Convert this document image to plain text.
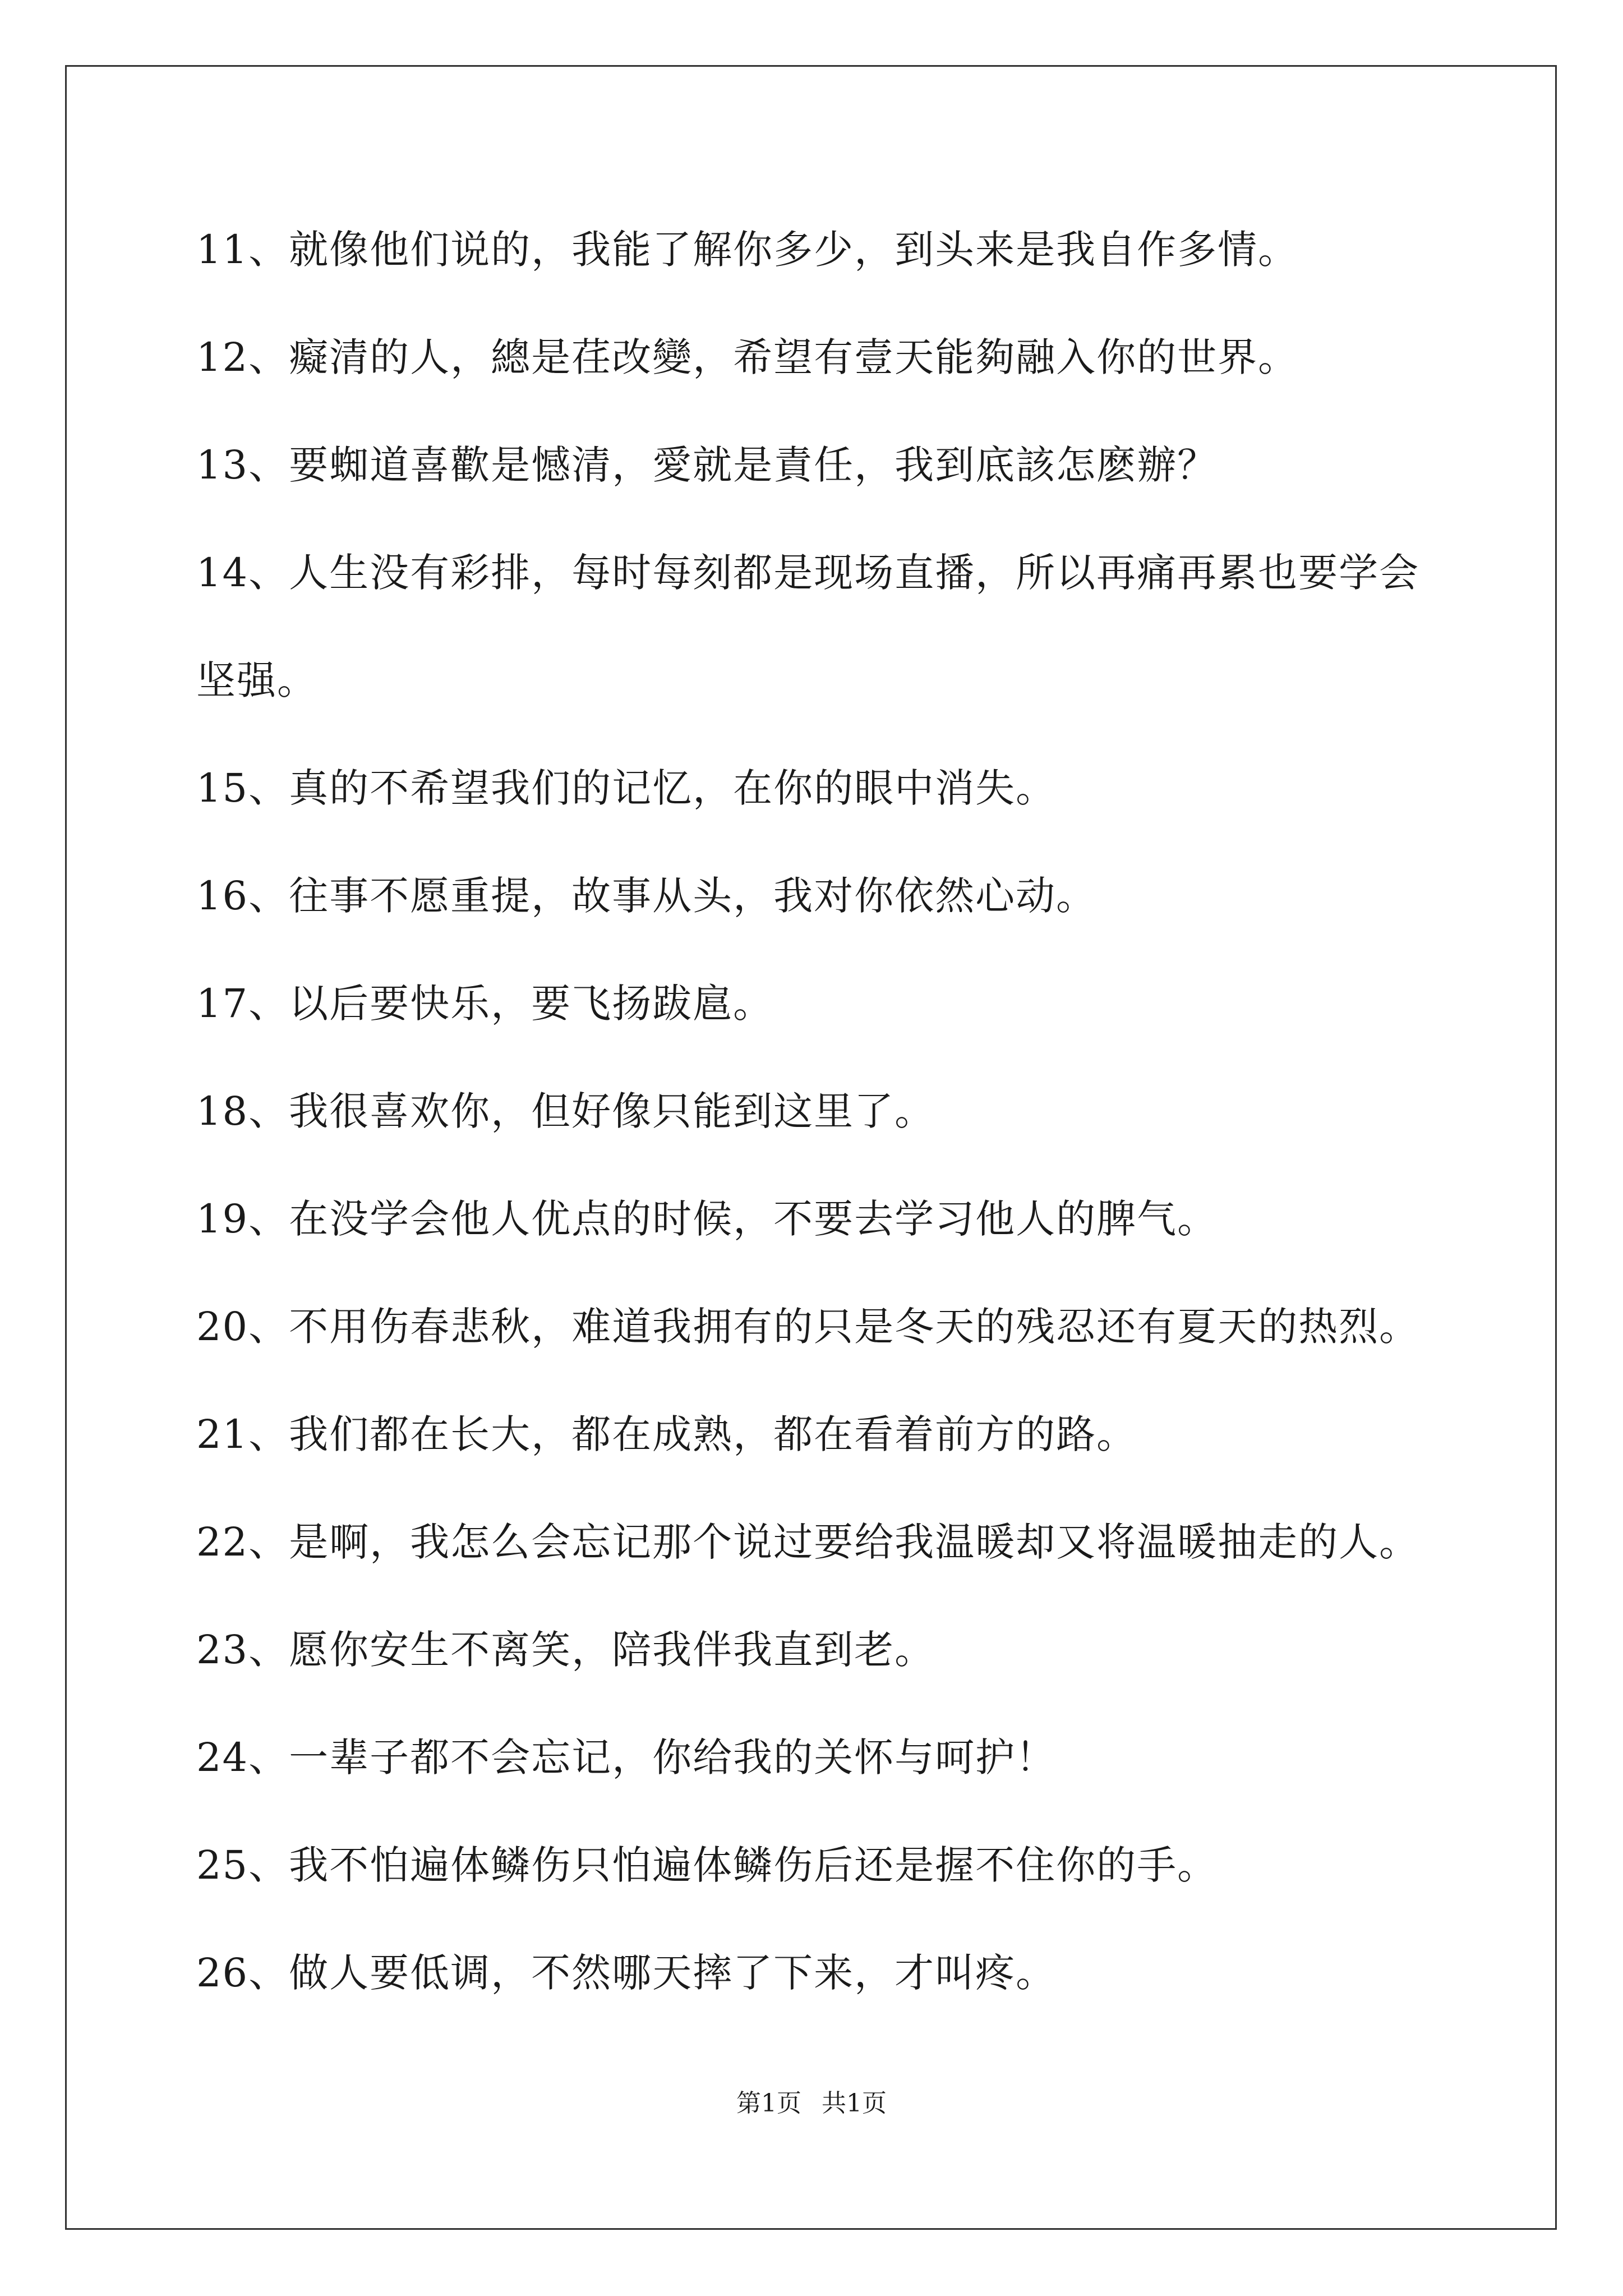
11、就像他们说的，我能了解你多少，到头来是我自作多情。
12、癡清的人，總是荏改變，希望有壹天能夠融入你的世界。
13、要蜘道喜歡是憾清，愛就是責任，我到底該怎麽辦？
14、人生没有彩排，每时每刻都是现场直播，所以再痛再累也要学会
坚强。
15、真的不希望我们的记忆，在你的眼中消失。
16、往事不愿重提，故事从头，我对你依然心动。
17、以后要快乐，要飞扬跋扈。
18、我很喜欢你，但好像只能到这里了。
19、在没学会他人优点的时候，不要去学习他人的脾气。
20、不用伤春悲秋，难道我拥有的只是冬天的残忍还有夏天的热烈。
21、我们都在长大，都在成熟，都在看着前方的路。
22、是啊，我怎么会忘记那个说过要给我温暖却又将温暖抽走的人。
23、愿你安生不离笑，陪我伴我直到老。
24、一辈子都不会忘记，你给我的关怀与呵护！
25、我不怕遍体鳞伤只怕遍体鳞伤后还是握不住你的手。
26、做人要低调，不然哪天摔了下来，才叫疼。
第1页 共1页
